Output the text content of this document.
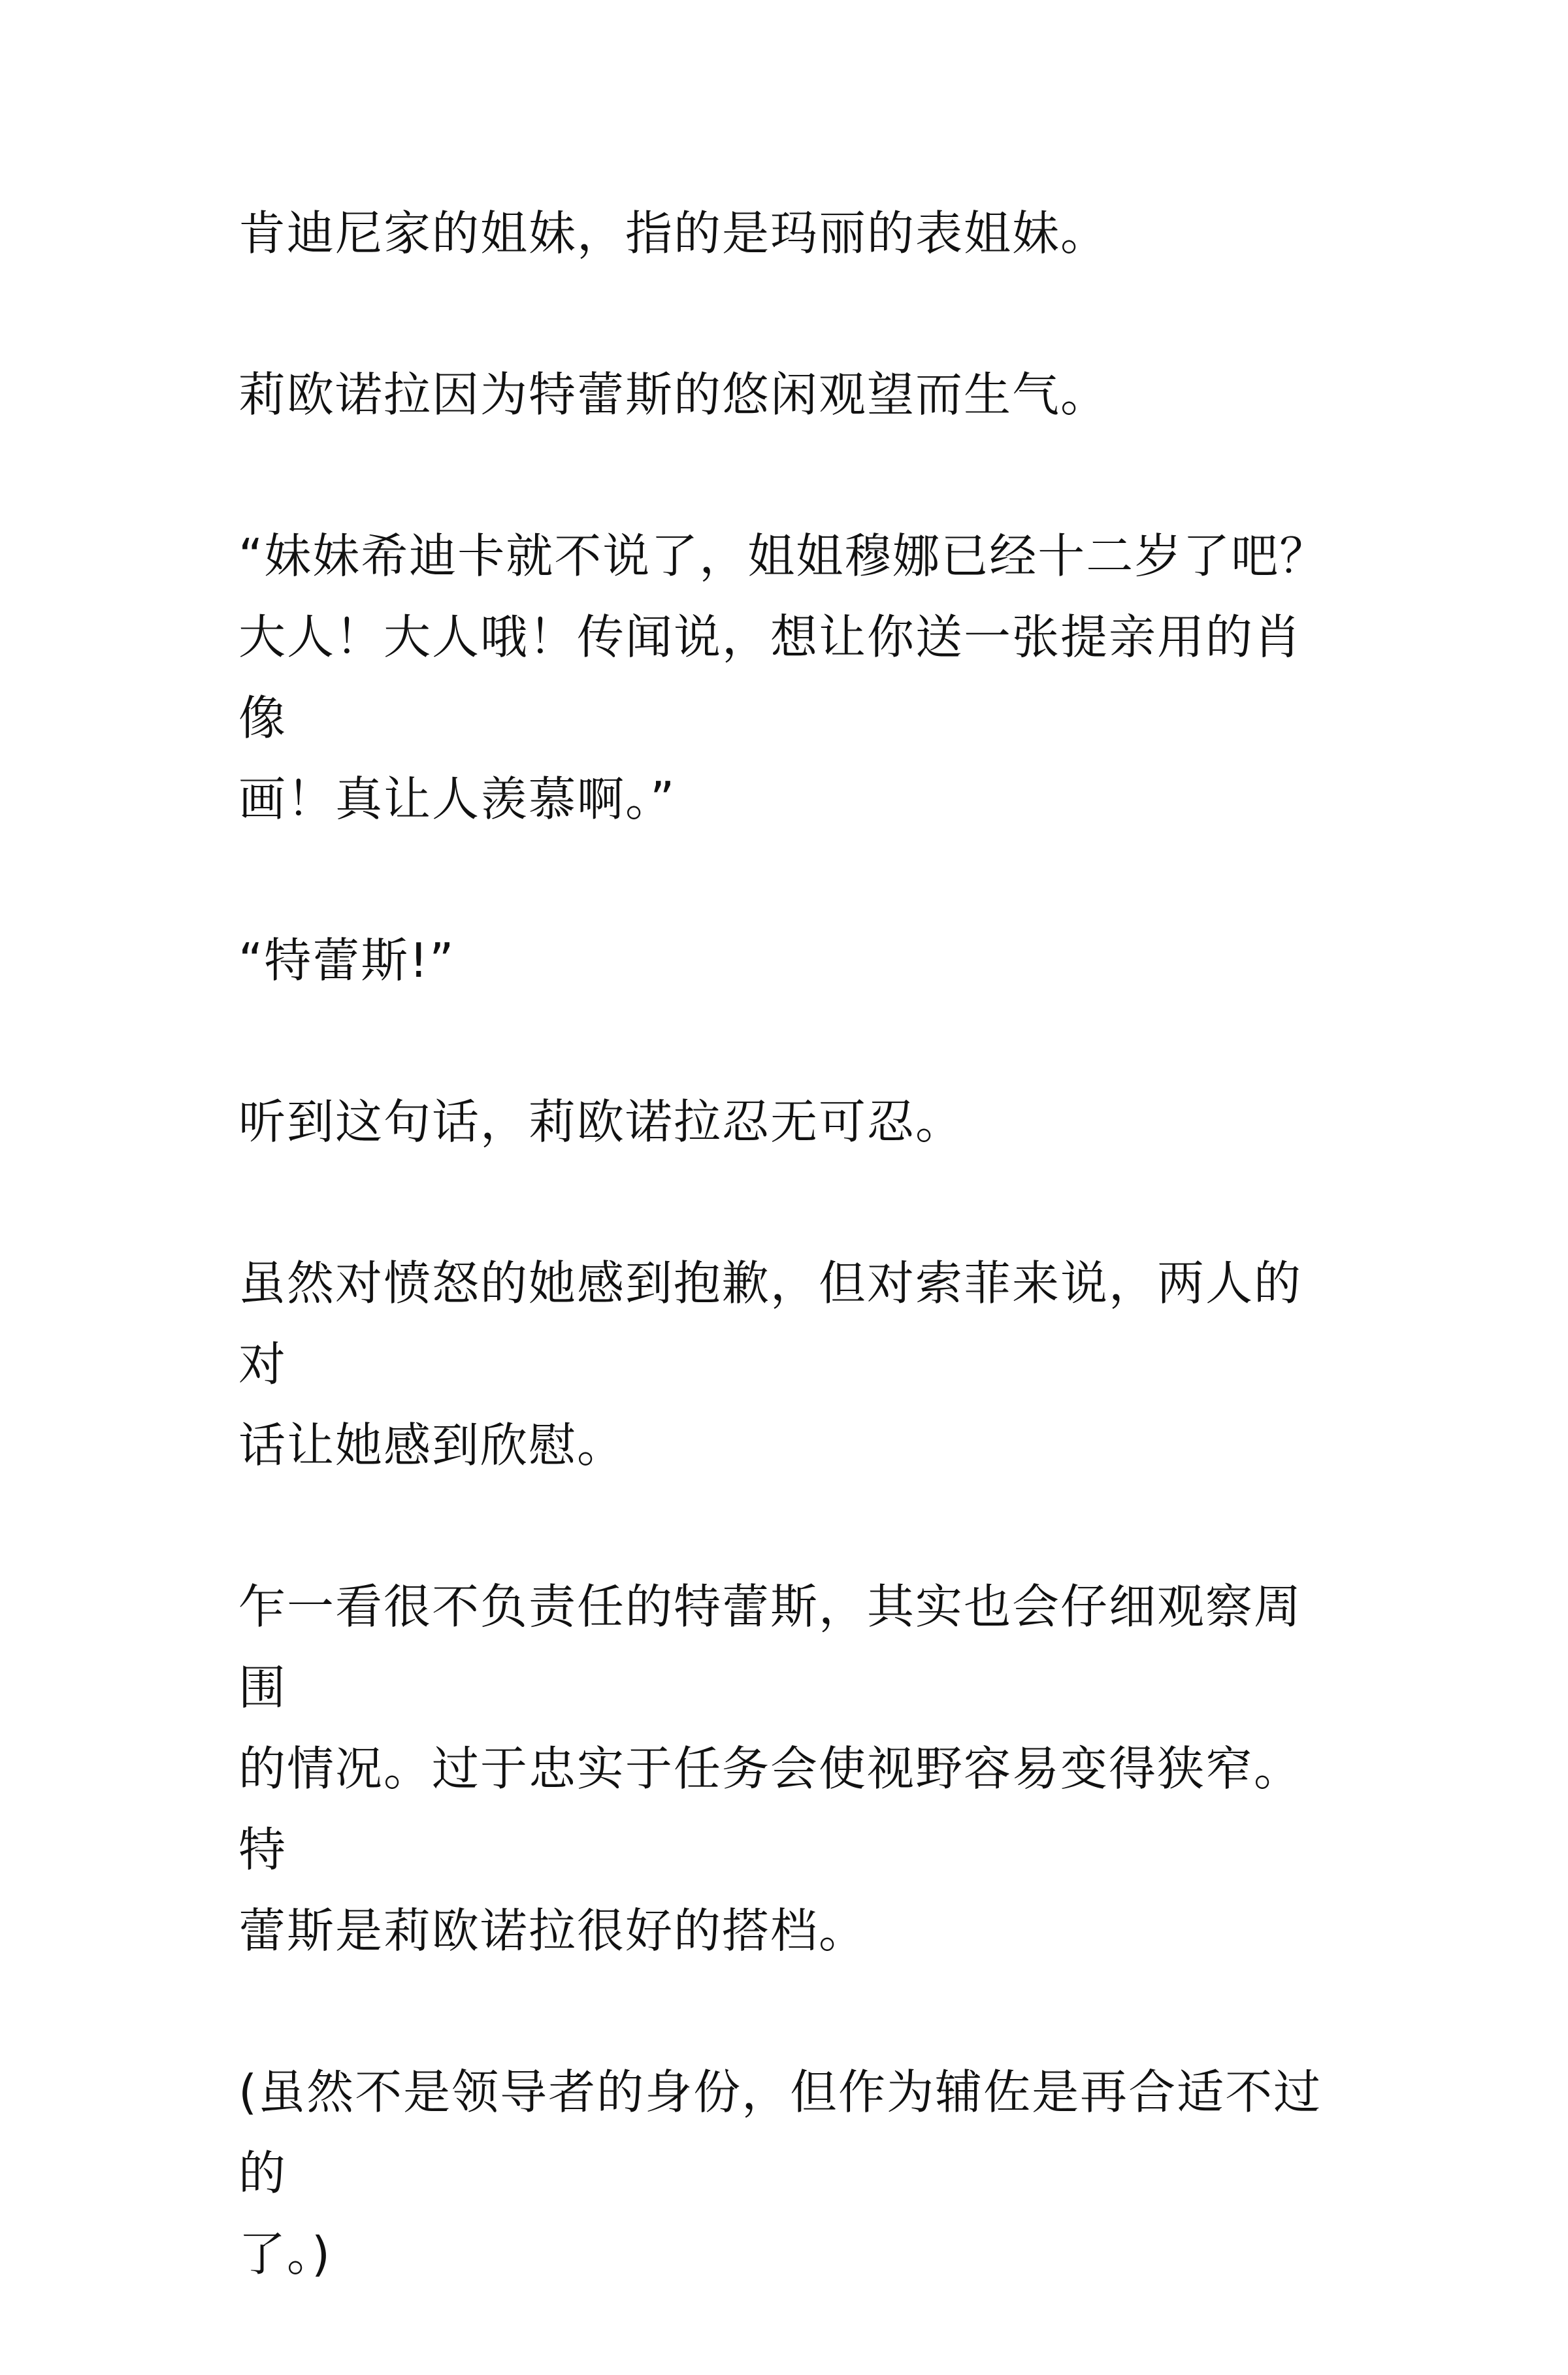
肯迪尼家的姐妹，指的是玛丽的表姐妹。

莉欧诺拉因为特蕾斯的悠闲观望而生气。

“妹妹希迪卡就不说了，姐姐穆娜已经十二岁了吧？
大人！大人哦！传闻说，想让你送一张提亲用的肖像
画！真让人羡慕啊。”

“特蕾斯!”

听到这句话，莉欧诺拉忍无可忍。

虽然对愤怒的她感到抱歉，但对索菲来说，两人的对
话让她感到欣慰。

乍一看很不负责任的特蕾斯，其实也会仔细观察周围
的情况。过于忠实于任务会使视野容易变得狭窄。特
蕾斯是莉欧诺拉很好的搭档。

(虽然不是领导者的身份，但作为辅佐是再合适不过的
了。)
